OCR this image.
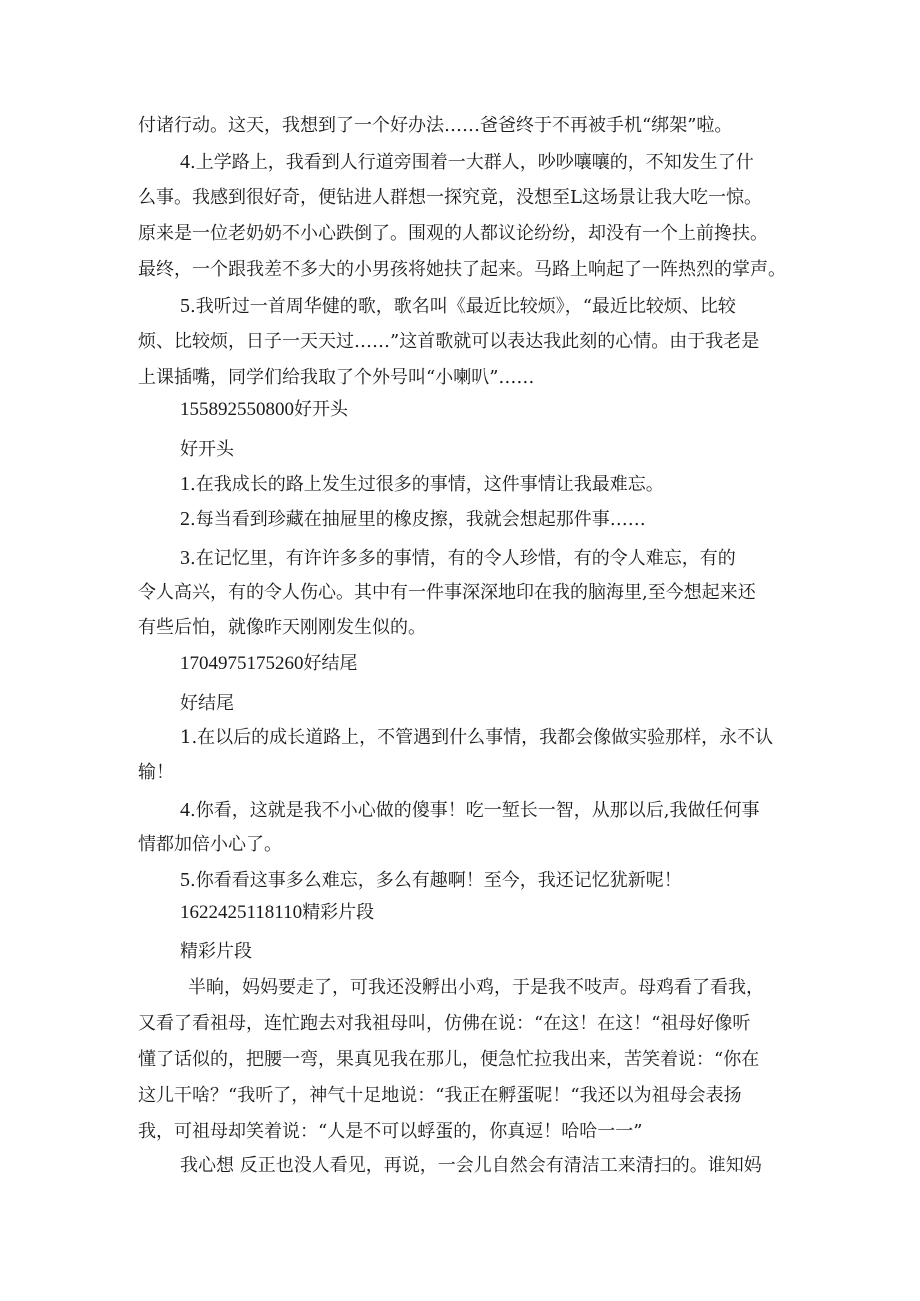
付诸行动。这天，我想到了一个好办法……爸爸终于不再被手机“绑架”啦。
4.上学路上，我看到人行道旁围着一大群人，吵吵嚷嚷的，不知发生了什
么事。我感到很好奇，便钻进人群想一探究竟，没想至L这场景让我大吃一惊。
原来是一位老奶奶不小心跌倒了。围观的人都议论纷纷，却没有一个上前搀扶。
最终，一个跟我差不多大的小男孩将她扶了起来。马路上响起了一阵热烈的掌声。
5.我听过一首周华健的歌，歌名叫《最近比较烦》，“最近比较烦、比较
烦、比较烦，日子一天天过……”这首歌就可以表达我此刻的心情。由于我老是
上课插嘴，同学们给我取了个外号叫“小喇叭”……
155892550800好开头
好开头
1.在我成长的路上发生过很多的事情，这件事情让我最难忘。
2.每当看到珍藏在抽屉里的橡皮擦，我就会想起那件事……
3.在记忆里，有许许多多的事情，有的令人珍惜，有的令人难忘，有的
令人高兴，有的令人伤心。其中有一件事深深地印在我的脑海里,至今想起来还
有些后怕，就像昨天刚刚发生似的。
1704975175260好结尾
好结尾
1.在以后的成长道路上，不管遇到什么事情，我都会像做实验那样，永不认
输！
4.你看，这就是我不小心做的傻事！吃一堑长一智，从那以后,我做任何事
情都加倍小心了。
5.你看看这事多么难忘，多么有趣啊！至今，我还记忆犹新呢！
1622425118110精彩片段
精彩片段
半晌，妈妈要走了，可我还没孵出小鸡，于是我不吱声。母鸡看了看我，
又看了看祖母，连忙跑去对我祖母叫，仿佛在说：“在这！在这！“祖母好像听
懂了话似的，把腰一弯，果真见我在那儿，便急忙拉我出来，苦笑着说：“你在
这儿干啥？“我听了，神气十足地说：“我正在孵蛋呢！“我还以为祖母会表扬
我，可祖母却笑着说：“人是不可以蜉蛋的，你真逗！哈哈一一”
我心想 反正也没人看见，再说，一会儿自然会有清洁工来清扫的。谁知妈
